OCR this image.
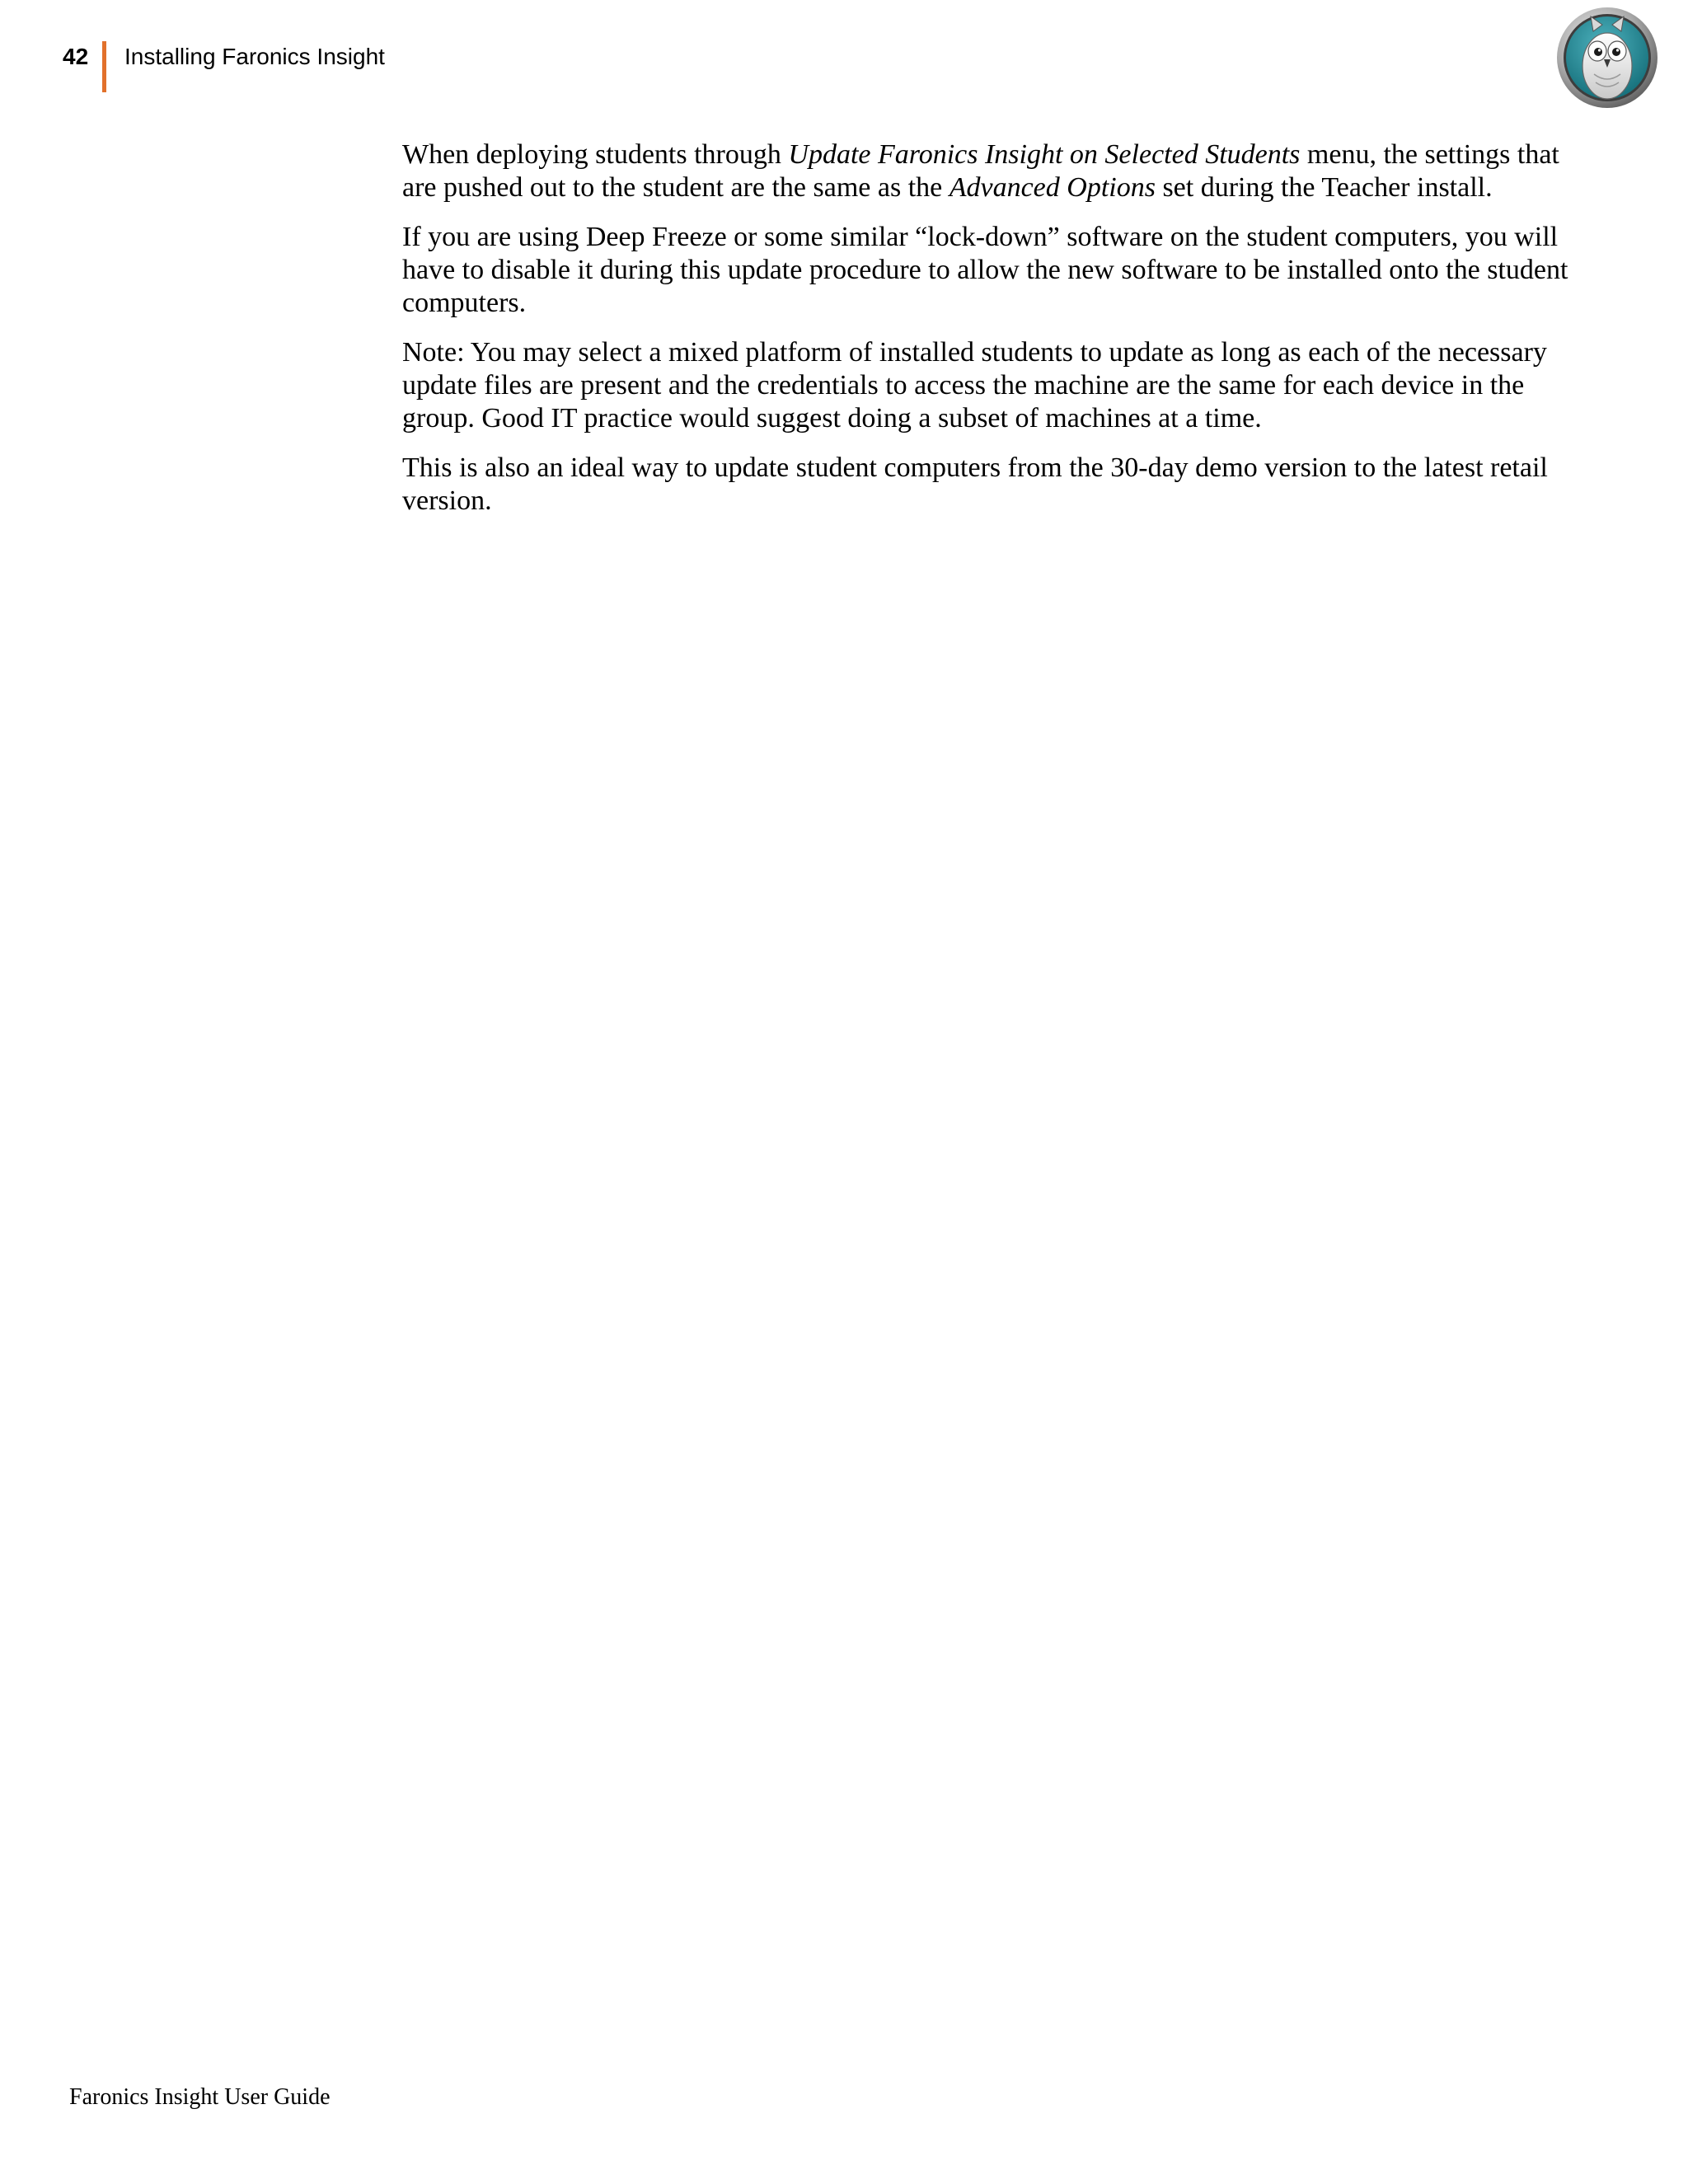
42 Installing Faronics Insight

When deploying students through Update Faronics Insight on Selected Students menu, the settings that are pushed out to the student are the same as the Advanced Options set during the Teacher install.

If you are using Deep Freeze or some similar “lock-down” software on the student computers, you will have to disable it during this update procedure to allow the new software to be installed onto the student computers.

Note: You may select a mixed platform of installed students to update as long as each of the necessary update files are present and the credentials to access the machine are the same for each device in the group. Good IT practice would suggest doing a subset of machines at a time.

This is also an ideal way to update student computers from the 30-day demo version to the latest retail version.

Faronics Insight User Guide
